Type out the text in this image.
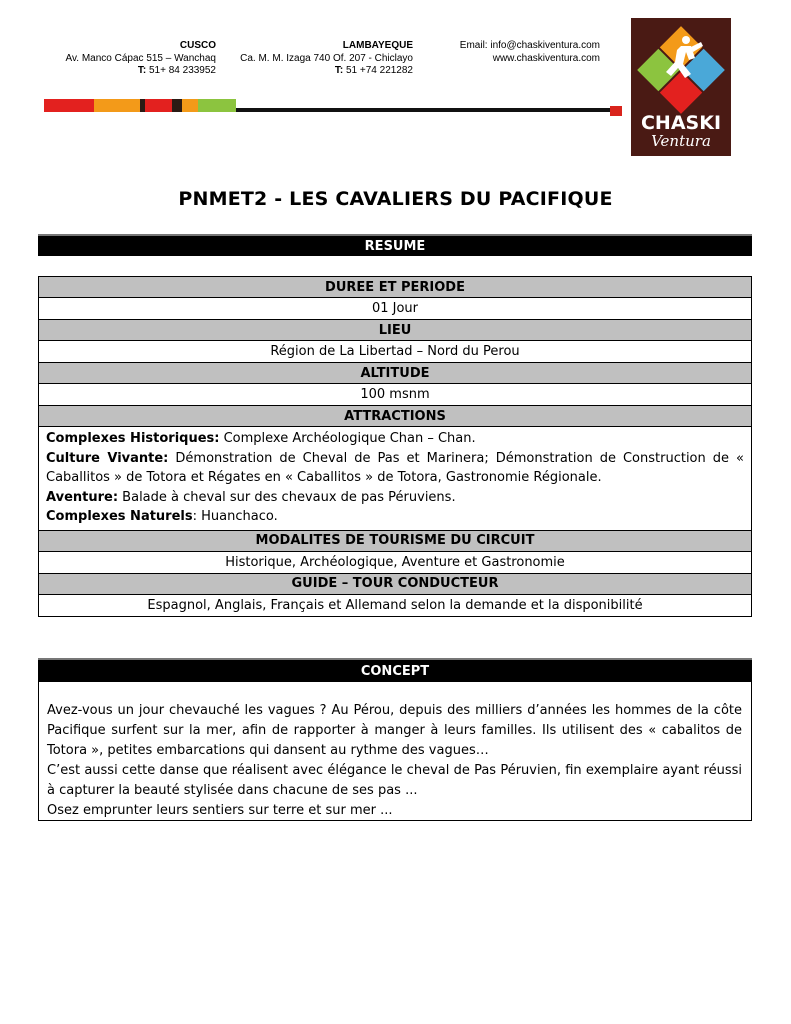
CUSCO
Av. Manco Cápac 515 – Wanchaq
T: 51+ 84 233952
LAMBAYEQUE
Ca. M. M. Izaga 740 Of. 207 - Chiclayo
T: 51 +74 221282
Email: info@chaskiventura.com
www.chaskiventura.com
CHASKI
Ventura
PNMET2 - LES CAVALIERS DU PACIFIQUE
RESUME
DUREE ET PERIODE
01 Jour
LIEU
Région de La Libertad – Nord du Perou
ALTITUDE
100 msnm
ATTRACTIONS

Complexes Historiques: Complexe Archéologique Chan – Chan.
Culture Vivante: Démonstration de Cheval de Pas et Marinera; Démonstration de Construction de « Caballitos » de Totora et Régates en « Caballitos » de Totora, Gastronomie Régionale.
Aventure: Balade à cheval sur des chevaux de pas Péruviens.
Complexes Naturels: Huanchaco.

MODALITES DE TOURISME DU CIRCUIT
Historique, Archéologique, Aventure et Gastronomie
GUIDE – TOUR CONDUCTEUR
Espagnol, Anglais, Français et Allemand selon la demande et la disponibilité
CONCEPT

Avez-vous un jour chevauché les vagues ? Au Pérou, depuis des milliers d’années les hommes de la côte Pacifique surfent sur la mer, afin de rapporter à manger à leurs familles. Ils utilisent des « cabalitos de Totora », petites embarcations qui dansent au rythme des vagues…

C’est aussi cette danse que réalisent avec élégance le cheval de Pas Péruvien, fin exemplaire ayant réussi à capturer la beauté stylisée dans chacune de ses pas ...

Osez emprunter leurs sentiers sur terre et sur mer ...
